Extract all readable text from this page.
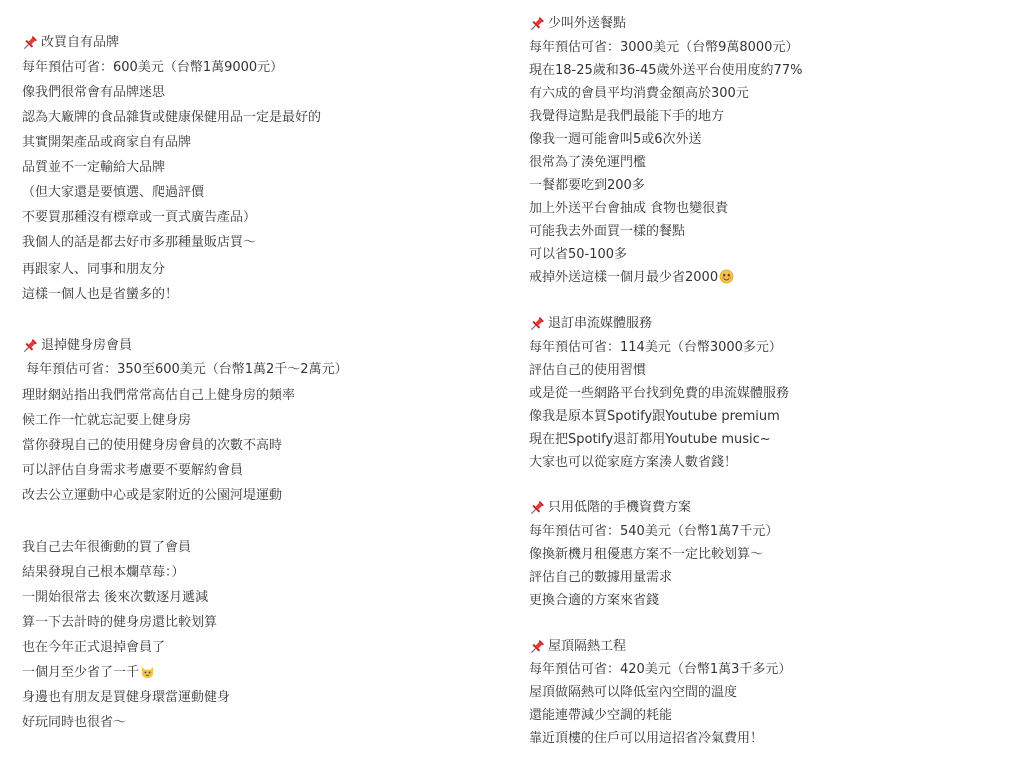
改買自有品牌
每年預估可省：600美元（台幣1萬9000元）
像我們很常會有品牌迷思
認為大廠牌的食品雜貨或健康保健用品一定是最好的
其實開架產品或商家自有品牌
品質並不一定輸給大品牌
（但大家還是要慎選、爬過評價
不要買那種沒有標章或一頁式廣告產品）
我個人的話是都去好市多那種量販店買～
再跟家人、同事和朋友分
這樣一個人也是省蠻多的！
退掉健身房會員
每年預估可省：350至600美元（台幣1萬2千～2萬元）
理財網站指出我們常常高估自己上健身房的頻率
候工作一忙就忘記要上健身房
當你發現自己的使用健身房會員的次數不高時
可以評估自身需求考慮要不要解約會員
改去公立運動中心或是家附近的公園河堤運動
我自己去年很衝動的買了會員
結果發現自己根本爛草莓：）
一開始很常去 後來次數逐月遞減
算一下去計時的健身房還比較划算
也在今年正式退掉會員了
一個月至少省了一千
身邊也有朋友是買健身環當運動健身
好玩同時也很省～
少叫外送餐點
每年預估可省：3000美元（台幣9萬8000元）
現在18-25歲和36-45歲外送平台使用度約77%
有六成的會員平均消費金額高於300元
我覺得這點是我們最能下手的地方
像我一週可能會叫5或6次外送
很常為了湊免運門檻
一餐都要吃到200多
加上外送平台會抽成 食物也變很貴
可能我去外面買一樣的餐點
可以省50-100多
戒掉外送這樣一個月最少省2000
退訂串流媒體服務
每年預估可省：114美元（台幣3000多元）
評估自己的使用習慣
或是從一些網路平台找到免費的串流媒體服務
像我是原本買Spotify跟Youtube premium
現在把Spotify退訂都用Youtube music~
大家也可以從家庭方案湊人數省錢！
只用低階的手機資費方案
每年預估可省：540美元（台幣1萬7千元）
像換新機月租優惠方案不一定比較划算～
評估自己的數據用量需求
更換合適的方案來省錢
屋頂隔熱工程
每年預估可省：420美元（台幣1萬3千多元）
屋頂做隔熱可以降低室內空間的溫度
還能連帶減少空調的耗能
靠近頂樓的住戶可以用這招省冷氣費用！
